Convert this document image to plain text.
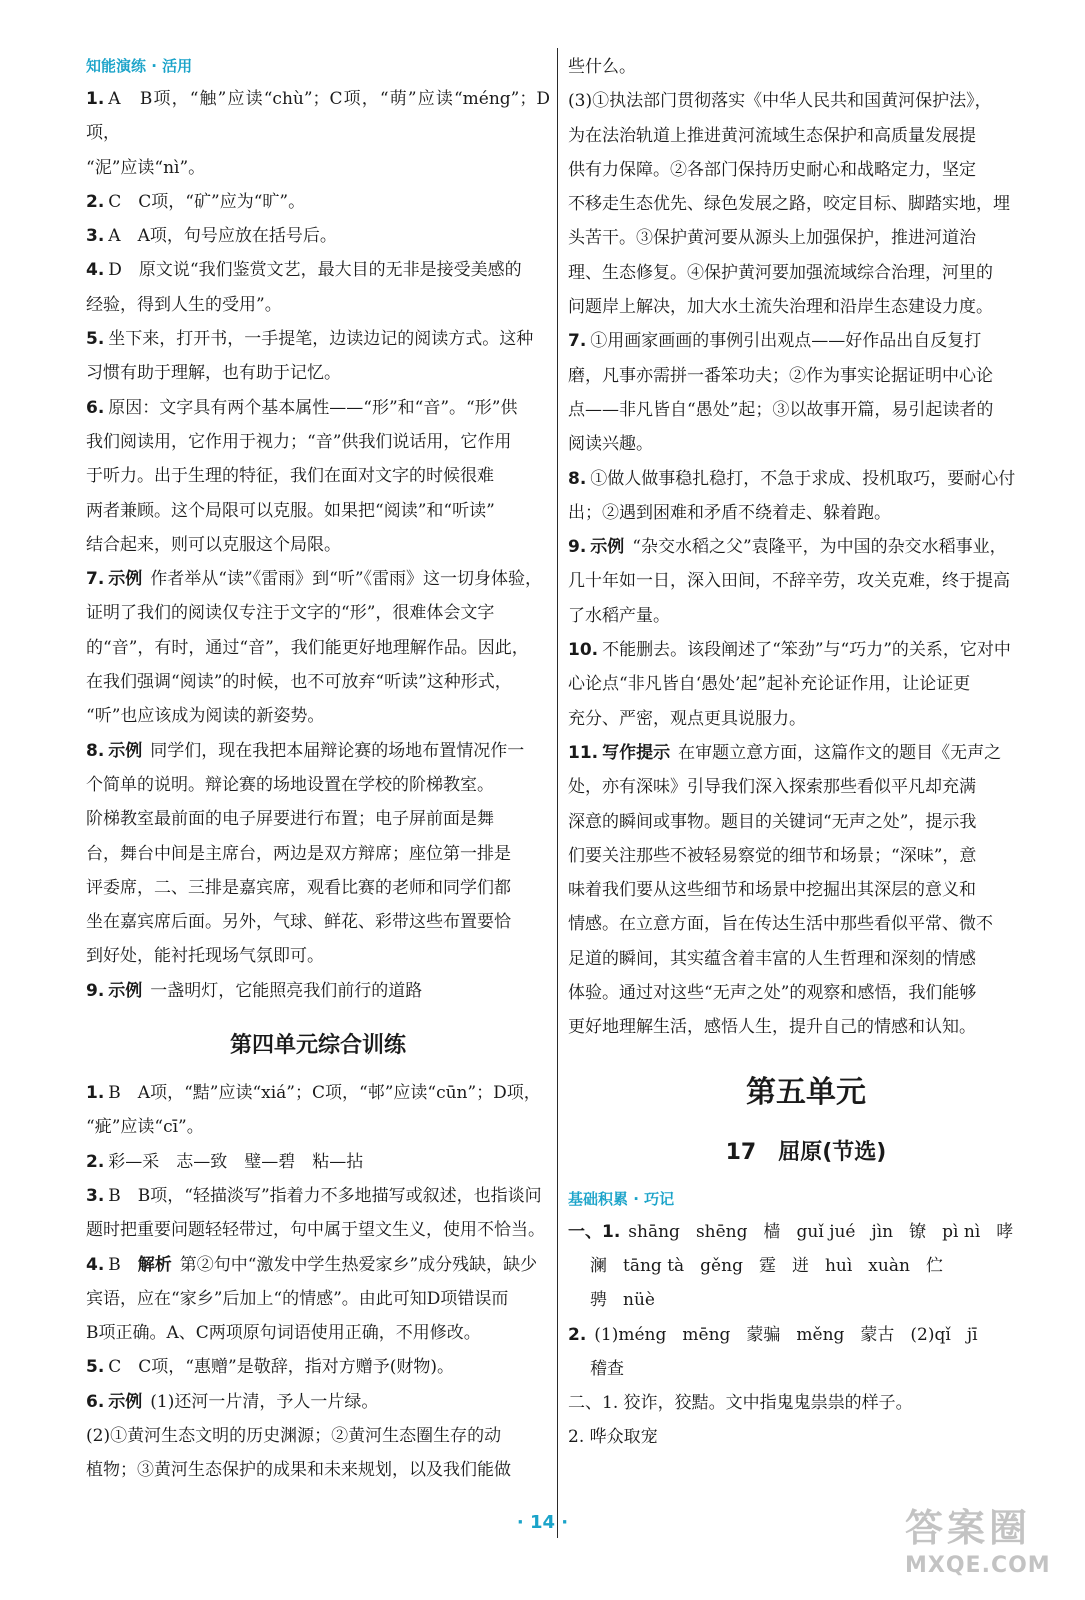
知能演练 · 活用

1. A　B项，“触”应读“chù”；C项，“萌”应读“méng”；D项，

“泥”应读“nì”。

2. C　C项，“矿”应为“旷”。

3. A　A项，句号应放在括号后。

4. D　原文说“我们鉴赏文艺，最大目的无非是接受美感的

经验，得到人生的受用”。

5. 坐下来，打开书，一手提笔，边读边记的阅读方式。这种

习惯有助于理解，也有助于记忆。

6. 原因：文字具有两个基本属性——“形”和“音”。“形”供

我们阅读用，它作用于视力；“音”供我们说话用，它作用

于听力。出于生理的特征，我们在面对文字的时候很难

两者兼顾。这个局限可以克服。如果把“阅读”和“听读”

结合起来，则可以克服这个局限。

7. 示例 作者举从“读”《雷雨》到“听”《雷雨》这一切身体验，

证明了我们的阅读仅专注于文字的“形”，很难体会文字

的“音”，有时，通过“音”，我们能更好地理解作品。因此，

在我们强调“阅读”的时候，也不可放弃“听读”这种形式，

“听”也应该成为阅读的新姿势。

8. 示例 同学们，现在我把本届辩论赛的场地布置情况作一

个简单的说明。辩论赛的场地设置在学校的阶梯教室。

阶梯教室最前面的电子屏要进行布置；电子屏前面是舞

台，舞台中间是主席台，两边是双方辩席；座位第一排是

评委席，二、三排是嘉宾席，观看比赛的老师和同学们都

坐在嘉宾席后面。另外，气球、鲜花、彩带这些布置要恰

到好处，能衬托现场气氛即可。

9. 示例 一盏明灯，它能照亮我们前行的道路

第四单元综合训练

1. B　A项，“黠”应读“xiá”；C项，“邨”应读“cūn”；D项，

“疵”应读“cī”。

2. 彩—采　志—致　璧—碧　粘—拈

3. B　B项，“轻描淡写”指着力不多地描写或叙述，也指谈问

题时把重要问题轻轻带过，句中属于望文生义，使用不恰当。

4. B　解析 第②句中“激发中学生热爱家乡”成分残缺，缺少

宾语，应在“家乡”后加上“的情感”。由此可知D项错误而

B项正确。A、C两项原句词语使用正确，不用修改。

5. C　C项，“惠赠”是敬辞，指对方赠予(财物)。

6. 示例 (1)还河一片清，予人一片绿。

(2)①黄河生态文明的历史渊源；②黄河生态圈生存的动

植物；③黄河生态保护的成果和未来规划，以及我们能做

些什么。

(3)①执法部门贯彻落实《中华人民共和国黄河保护法》，

为在法治轨道上推进黄河流域生态保护和高质量发展提

供有力保障。②各部门保持历史耐心和战略定力，坚定

不移走生态优先、绿色发展之路，咬定目标、脚踏实地，埋

头苦干。③保护黄河要从源头上加强保护，推进河道治

理、生态修复。④保护黄河要加强流域综合治理，河里的

问题岸上解决，加大水土流失治理和沿岸生态建设力度。

7. ①用画家画画的事例引出观点——好作品出自反复打

磨，凡事亦需拼一番笨功夫；②作为事实论据证明中心论

点——非凡皆自“愚处”起；③以故事开篇，易引起读者的

阅读兴趣。

8. ①做人做事稳扎稳打，不急于求成、投机取巧，要耐心付

出；②遇到困难和矛盾不绕着走、躲着跑。

9. 示例 “杂交水稻之父”袁隆平，为中国的杂交水稻事业，

几十年如一日，深入田间，不辞辛劳，攻关克难，终于提高

了水稻产量。

10. 不能删去。该段阐述了“笨劲”与“巧力”的关系，它对中

心论点“非凡皆自‘愚处’起”起补充论证作用，让论证更

充分、严密，观点更具说服力。

11. 写作提示 在审题立意方面，这篇作文的题目《无声之

处，亦有深味》引导我们深入探索那些看似平凡却充满

深意的瞬间或事物。题目的关键词“无声之处”，提示我

们要关注那些不被轻易察觉的细节和场景；“深味”，意

味着我们要从这些细节和场景中挖掘出其深层的意义和

情感。在立意方面，旨在传达生活中那些看似平常、微不

足道的瞬间，其实蕴含着丰富的人生哲理和深刻的情感

体验。通过对这些“无声之处”的观察和感悟，我们能够

更好地理解生活，感悟人生，提升自己的情感和认知。

第五单元

17　屈原(节选)

基础积累 · 巧记

一、1. shāng shēng 樯 guǐ jué jìn 镣 pì nì 哮

澜 tāng tà gěng 霆 迸 huì xuàn 伫

骋 nüè

2. (1)méng mēng 蒙骗 měng 蒙古 (2)qǐ jī

稽查

二、1. 狡诈，狡黠。文中指鬼鬼祟祟的样子。

2. 哗众取宠

· 14 ·	答案圈
MXQE.COM
